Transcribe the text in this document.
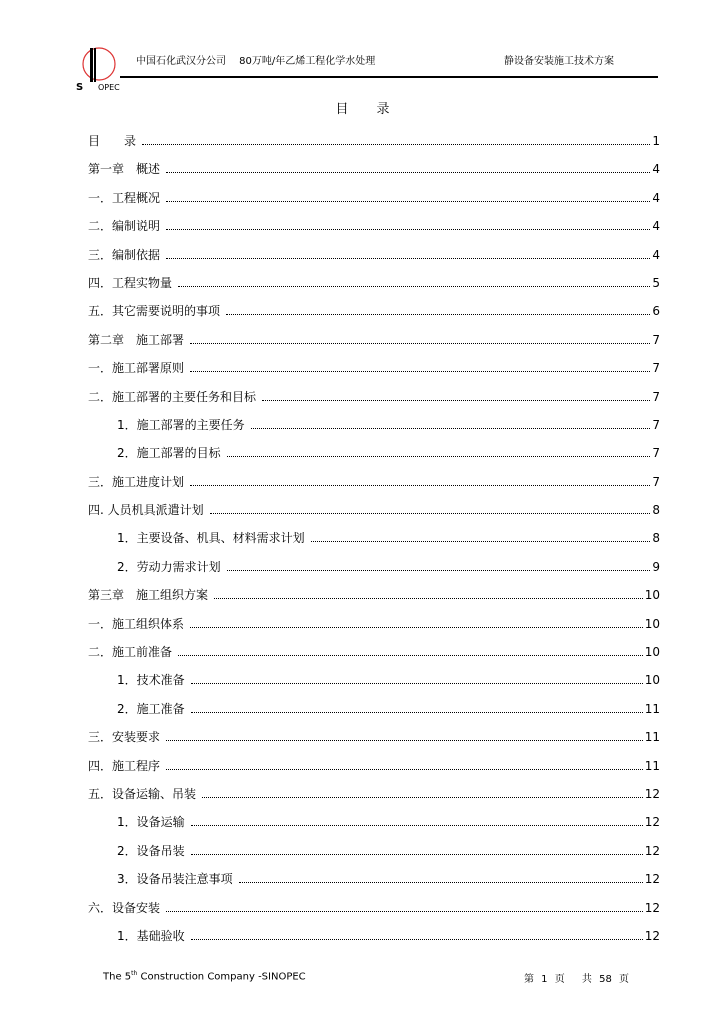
S OPEC
中国石化武汉分公司　 80万吨/年乙烯工程化学水处理	静设备安装施工技术方案
目录
目　　录	1
第一章　概述	4
一．工程概况	4
二．编制说明	4
三．编制依据	4
四．工程实物量	5
五．其它需要说明的事项	6
第二章　施工部署	7
一．施工部署原则	7
二．施工部署的主要任务和目标	7
1．施工部署的主要任务	7
2．施工部署的目标	7
三．施工进度计划	7
四. 人员机具派遣计划	8
1．主要设备、机具、材料需求计划	8
2．劳动力需求计划	9
第三章　施工组织方案	10
一．施工组织体系	10
二．施工前准备	10
1．技术准备	10
2．施工准备	11
三．安装要求	11
四．施工程序	11
五．设备运输、吊装	12
1．设备运输	12
2．设备吊装	12
3．设备吊装注意事项	12
六．设备安装	12
1．基础验收	12
The 5th Construction Company -SINOPEC	第 1 页　 共 58 页
